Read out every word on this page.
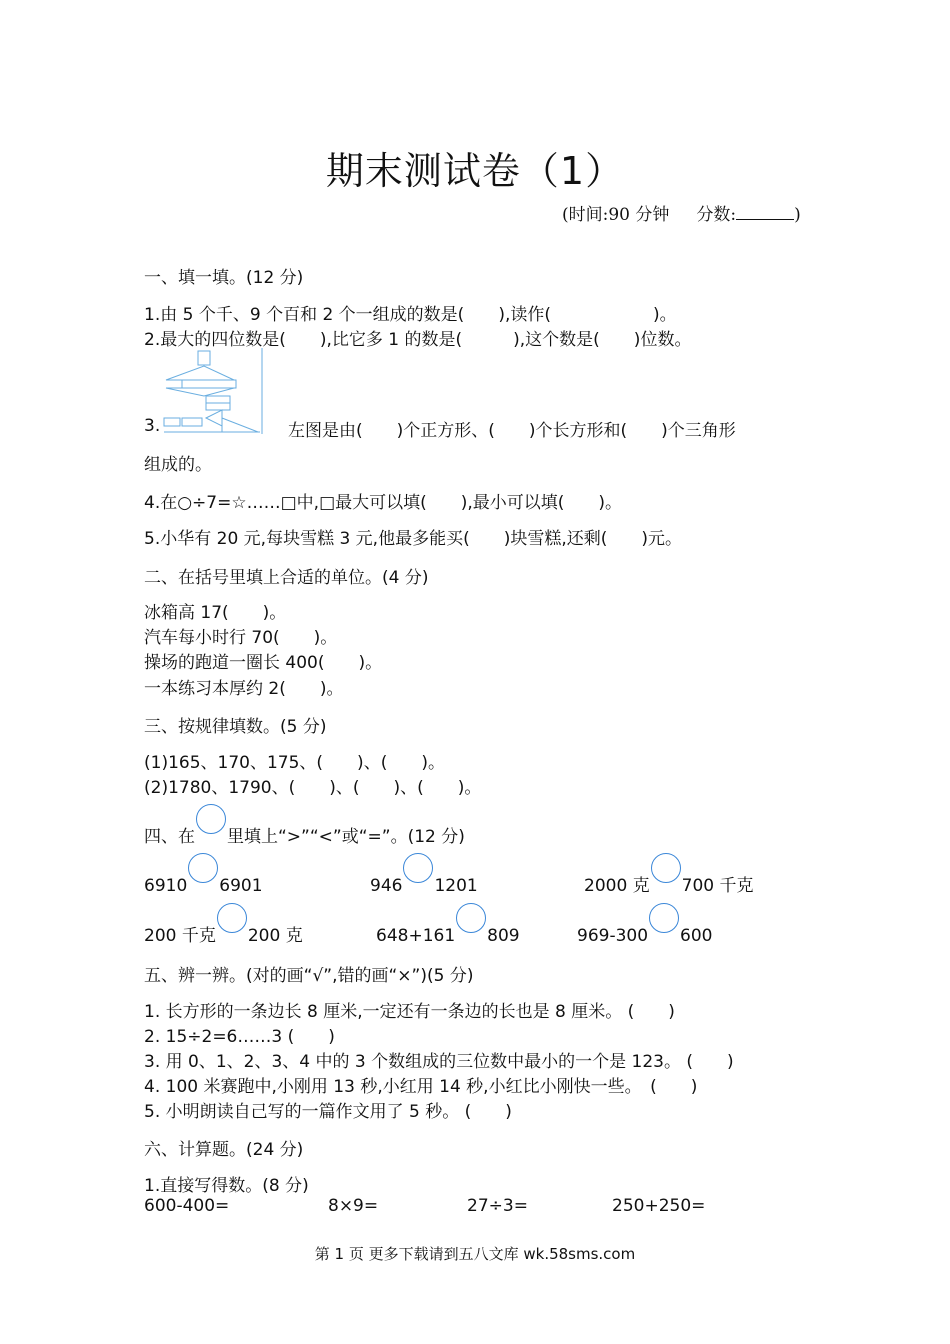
期末测试卷（1）
(时间:90 分钟 分数:	)
一、填一填。(12 分)
1.由 5 个千、9 个百和 2 个一组成的数是(　　),读作(　　　　　　)。
2.最大的四位数是(　　),比它多 1 的数是(　　　),这个数是(　　)位数。
3.	左图是由(　　)个正方形、(　　)个长方形和(　　)个三角形
组成的。
4.在○÷7=☆……□中,□最大可以填(　　),最小可以填(　　)。
5.小华有 20 元,每块雪糕 3 元,他最多能买(　　)块雪糕,还剩(　　)元。
二、在括号里填上合适的单位。(4 分)
冰箱高 17(　　)。
汽车每小时行 70(　　)。
操场的跑道一圈长 400(　　)。
一本练习本厚约 2(　　)。
三、按规律填数。(5 分)
(1)165、170、175、(　　)、(　　)。
(2)1780、1790、(　　)、(　　)、(　　)。
四、在 里填上“>”“<”或“=”。(12 分)
6910 6901	946 1201	2000 克 700 千克
200 千克 200 克	648+161 809	969-300 600
五、辨一辨。(对的画“√”,错的画“×”)(5 分)
1. 长方形的一条边长 8 厘米,一定还有一条边的长也是 8 厘米。 (　　)
2. 15÷2=6……3 (　　)
3. 用 0、1、2、3、4 中的 3 个数组成的三位数中最小的一个是 123。 (　　)
4. 100 米赛跑中,小刚用 13 秒,小红用 14 秒,小红比小刚快一些。　(　　)
5. 小明朗读自己写的一篇作文用了 5 秒。 (　　)
六、计算题。(24 分)
1.直接写得数。(8 分)
600-400=	8×9=	27÷3=	250+250=
第 1 页 更多下载请到五八文库 wk.58sms.com
